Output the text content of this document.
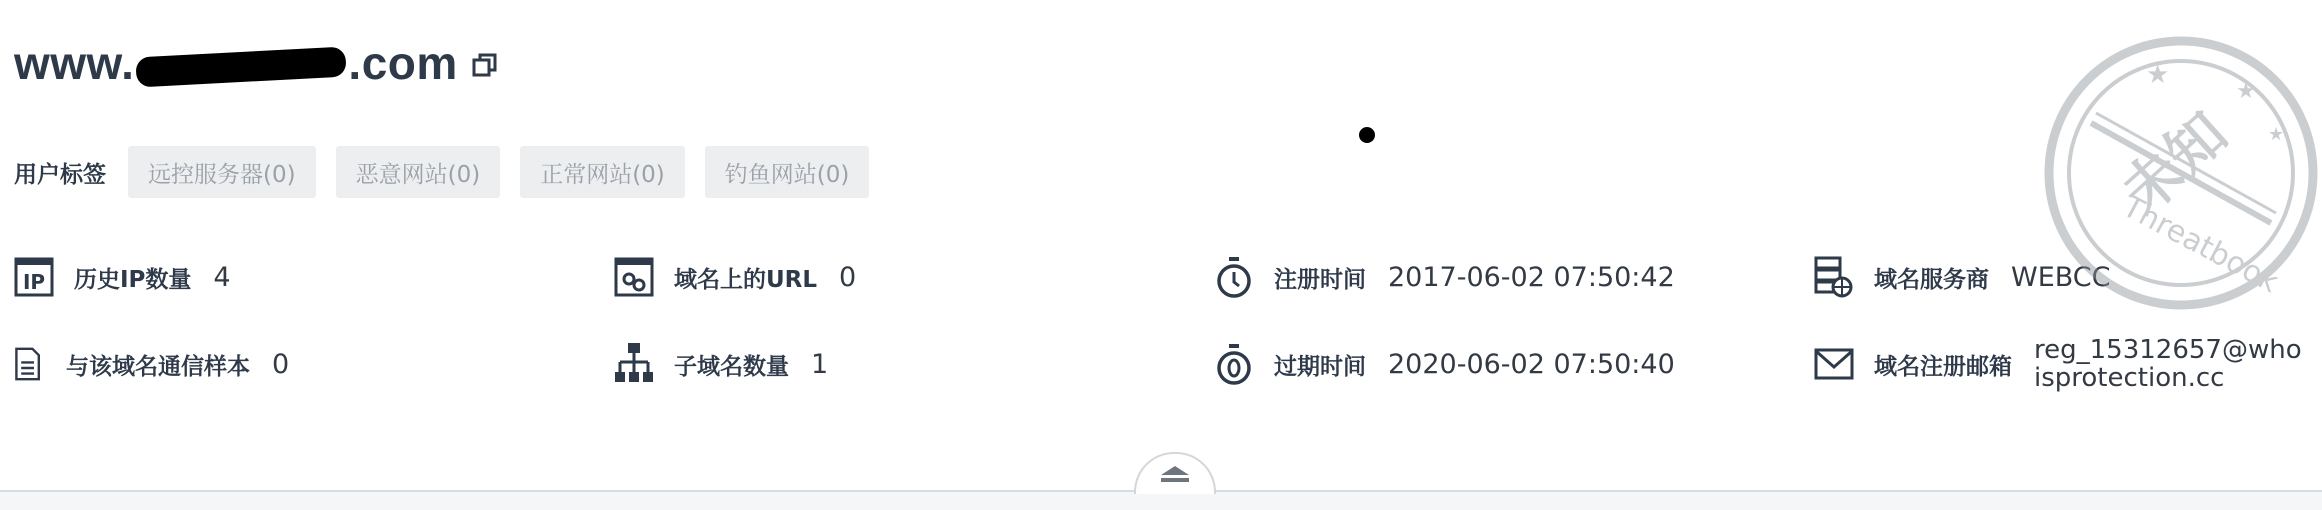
www.	.com
用户标签	远控服务器(0)	恶意网站(0)	正常网站(0)	钓鱼网站(0)
IP 历史IP数量 4	域名上的URL 0	注册时间 2017-06-02 07:50:42	域名服务商 WEBCC
与该域名通信样本 0	子域名数量 1	过期时间 2020-06-02 07:50:40	域名注册邮箱
reg_15312657@whoisprotection.cc
未知
Threatbook
★
★
★
